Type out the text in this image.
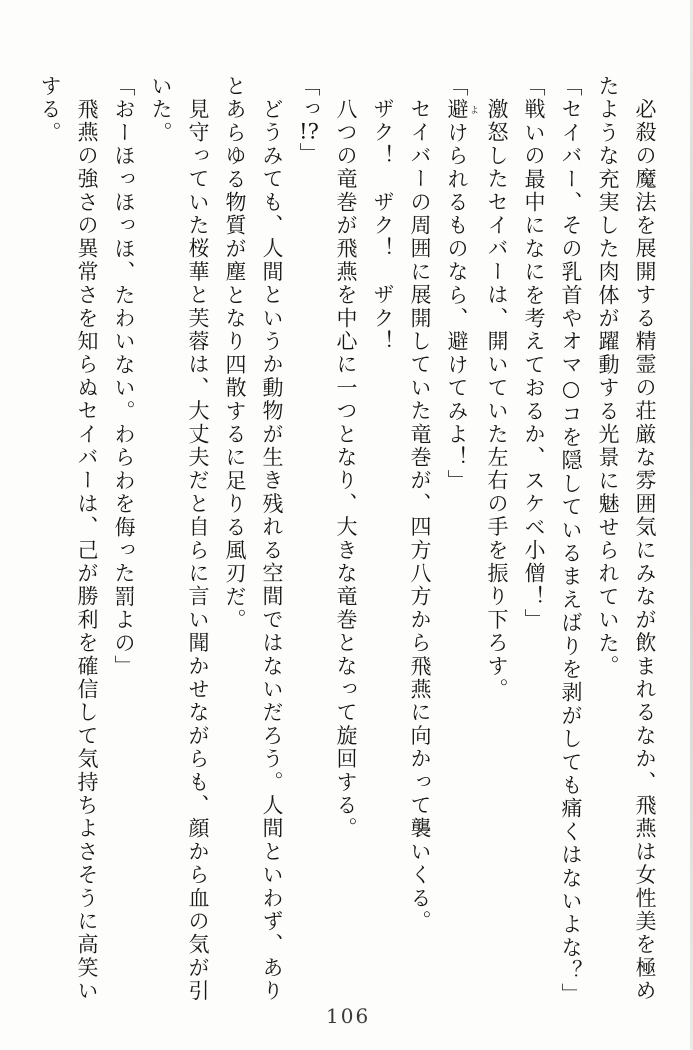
必殺の魔法を展開する精霊の荘厳な雰囲気にみなが飲まれるなか、飛燕は女性美を極めたような充実した肉体が躍動する光景に魅せられていた。

「セイバー、その乳首やオマ○コを隠しているまえばりを剥がしても痛くはないよな？」

「戦いの最中になにを考えておるか、スケベ小僧！」

激怒したセイバーは、開いていた左右の手を振り下ろす。

「避 よけられるものなら、避けてみよ！」

セイバーの周囲に展開していた竜巻が、四方八方から飛燕に向かって襲いくる。

ザク！　ザク！　ザク！

八つの竜巻が飛燕を中心に一つとなり、大きな竜巻となって旋回する。

「っ!?」

どうみても、人間というか動物が生き残れる空間ではないだろう。人間といわず、ありとあらゆる物質が塵となり四散するに足りる風刃だ。

見守っていた桜華と芙蓉は、大丈夫だと自らに言い聞かせながらも、顔から血の気が引いた。

「おーほっほっほ、たわいない。わらわを侮った罰よの」

飛燕の強さの異常さを知らぬセイバーは、己が勝利を確信して気持ちよさそうに高笑いする。

106
